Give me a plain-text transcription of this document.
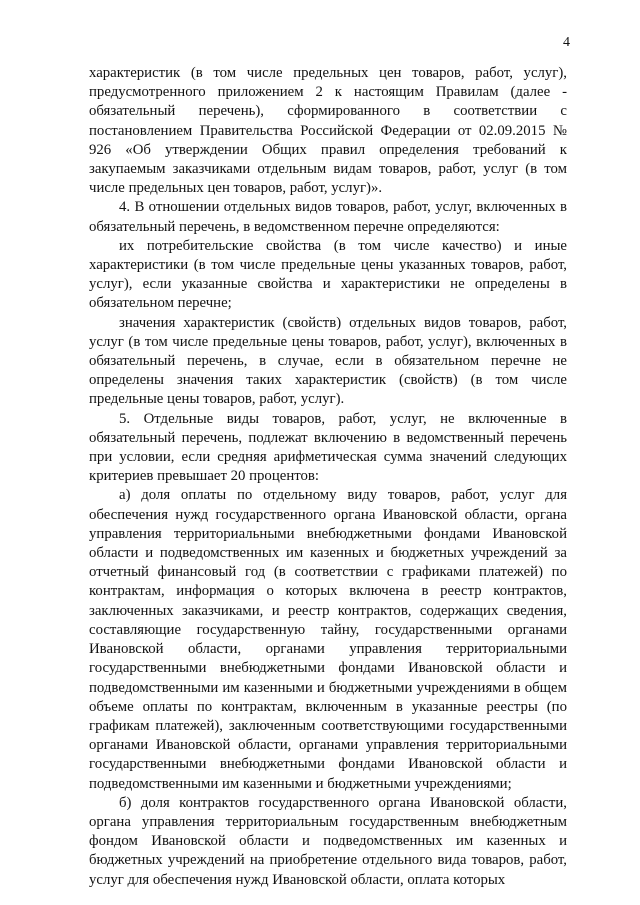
4

характеристик (в том числе предельных цен товаров, работ, услуг), предусмотренного приложением 2 к настоящим Правилам (далее - обязательный перечень), сформированного в соответствии с постановлением Правительства Российской Федерации от 02.09.2015 № 926 «Об утверждении Общих правил определения требований к закупаемым заказчиками отдельным видам товаров, работ, услуг (в том числе предельных цен товаров, работ, услуг)».

4. В отношении отдельных видов товаров, работ, услуг, включенных в обязательный перечень, в ведомственном перечне определяются:

их потребительские свойства (в том числе качество) и иные характеристики (в том числе предельные цены указанных товаров, работ, услуг), если указанные свойства и характеристики не определены в обязательном перечне;

значения характеристик (свойств) отдельных видов товаров, работ, услуг (в том числе предельные цены товаров, работ, услуг), включенных в обязательный перечень, в случае, если в обязательном перечне не определены значения таких характеристик (свойств) (в том числе предельные цены товаров, работ, услуг).

5. Отдельные виды товаров, работ, услуг, не включенные в обязательный перечень, подлежат включению в ведомственный перечень при условии, если средняя арифметическая сумма значений следующих критериев превышает 20 процентов:

а) доля оплаты по отдельному виду товаров, работ, услуг для обеспечения нужд государственного органа Ивановской области, органа управления территориальными внебюджетными фондами Ивановской области и подведомственных им казенных и бюджетных учреждений за отчетный финансовый год (в соответствии с графиками платежей) по контрактам, информация о которых включена в реестр контрактов, заключенных заказчиками, и реестр контрактов, содержащих сведения, составляющие государственную тайну, государственными органами Ивановской области, органами управления территориальными государственными внебюджетными фондами Ивановской области и подведомственными им казенными и бюджетными учреждениями в общем объеме оплаты по контрактам, включенным в указанные реестры (по графикам платежей), заключенным соответствующими государственными органами Ивановской области, органами управления территориальными государственными внебюджетными фондами Ивановской области и подведомственными им казенными и бюджетными учреждениями;

б) доля контрактов государственного органа Ивановской области, органа управления территориальным государственным внебюджетным фондом Ивановской области и подведомственных им казенных и бюджетных учреждений на приобретение отдельного вида товаров, работ, услуг для обеспечения нужд Ивановской области, оплата которых
